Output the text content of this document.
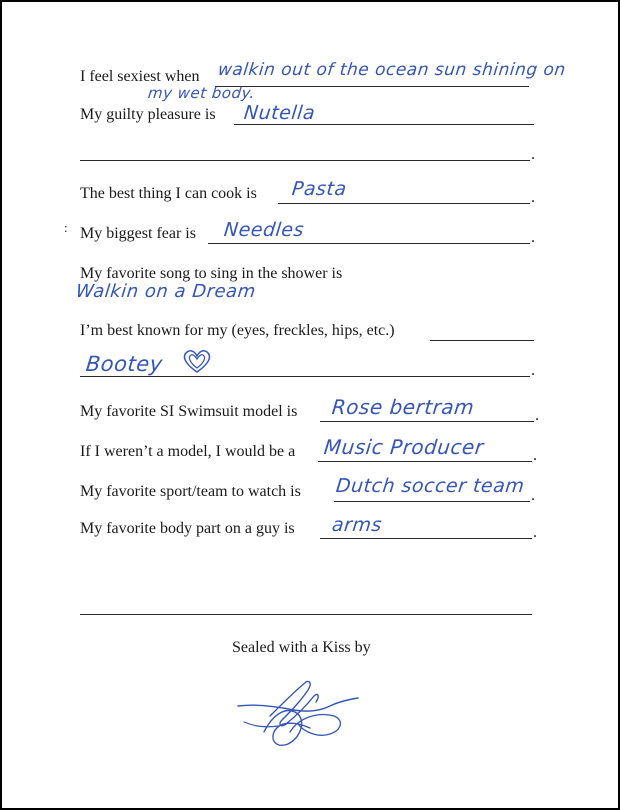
I feel sexiest when walkin out of the ocean sun shining on
my wet body.
My guilty pleasure is Nutella
.
The best thing I can cook is	.
Pasta
: My biggest fear is	.
Needles
My favorite song to sing in the shower is
Walkin on a Dream
I’m best known for my (eyes, freckles, hips, etc.)
.
Bootey
My favorite SI Swimsuit model is	.
Rose bertram
If I weren’t a model, I would be a	.
Music Producer
My favorite sport/team to watch is	.
Dutch soccer team
My favorite body part on a guy is	.
arms
Sealed with a Kiss by
